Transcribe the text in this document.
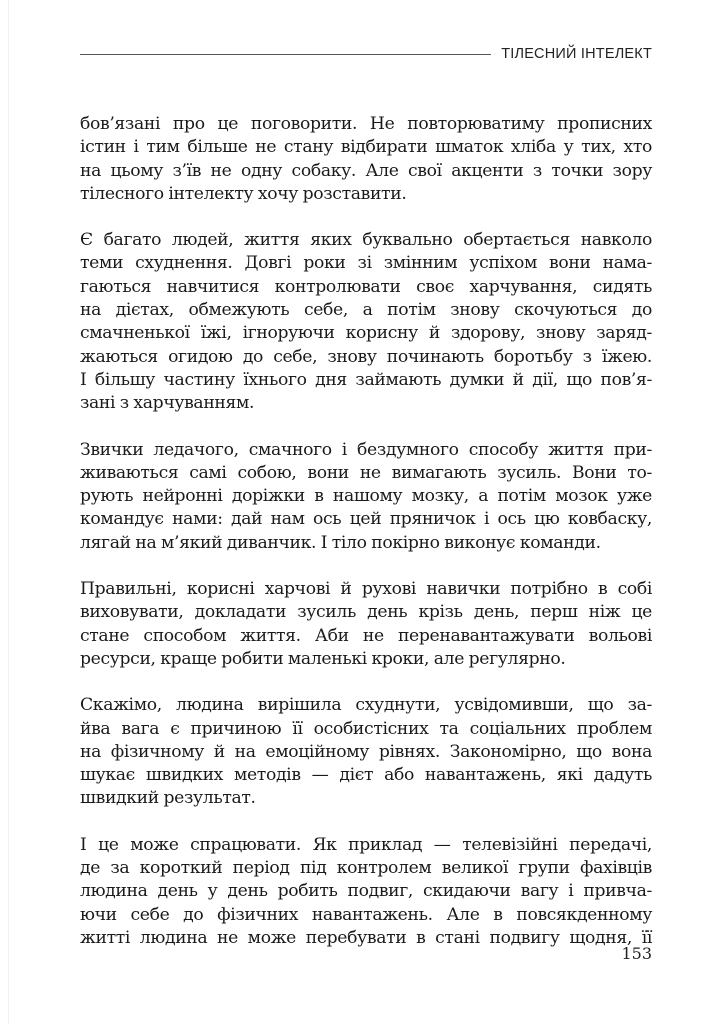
ТІЛЕСНИЙ ІНТЕЛЕКТ

бов’язані про це поговорити. Не повторюватиму прописних
істин і тим більше не стану відбирати шматок хліба у тих, хто
на цьому з’їв не одну собаку. Але свої акценти з точки зору
тілесного інтелекту хочу розставити.

Є багато людей, життя яких буквально обертається навколо
теми схуднення. Довгі роки зі змінним успіхом вони нама-
гаються навчитися контролювати своє харчування, сидять
на дієтах, обмежують себе, а потім знову скочуються до
смачненької їжі, ігноруючи корисну й здорову, знову заряд-
жаються огидою до себе, знову починають боротьбу з їжею.
І більшу частину їхнього дня займають думки й дії, що пов’я-
зані з харчуванням.

Звички ледачого, смачного і бездумного способу життя при-
живаються самі собою, вони не вимагають зусиль. Вони то-
рують нейронні доріжки в нашому мозку, а потім мозок уже
командує нами: дай нам ось цей пряничок і ось цю ковбаску,
лягай на м’який диванчик. І тіло покірно виконує команди.

Правильні, корисні харчові й рухові навички потрібно в собі
виховувати, докладати зусиль день крізь день, перш ніж це
стане способом життя. Аби не перенавантажувати вольові
ресурси, краще робити маленькі кроки, але регулярно.

Скажімо, людина вирішила схуднути, усвідомивши, що за-
йва вага є причиною її особистісних та соціальних проблем
на фізичному й на емоційному рівнях. Закономірно, що вона
шукає швидких методів — дієт або навантажень, які дадуть
швидкий результат.

І це може спрацювати. Як приклад — телевізійні передачі,
де за короткий період під контролем великої групи фахівців
людина день у день робить подвиг, скидаючи вагу і привча-
ючи себе до фізичних навантажень. Але в повсякденному
житті людина не може перебувати в стані подвигу щодня, її

153
